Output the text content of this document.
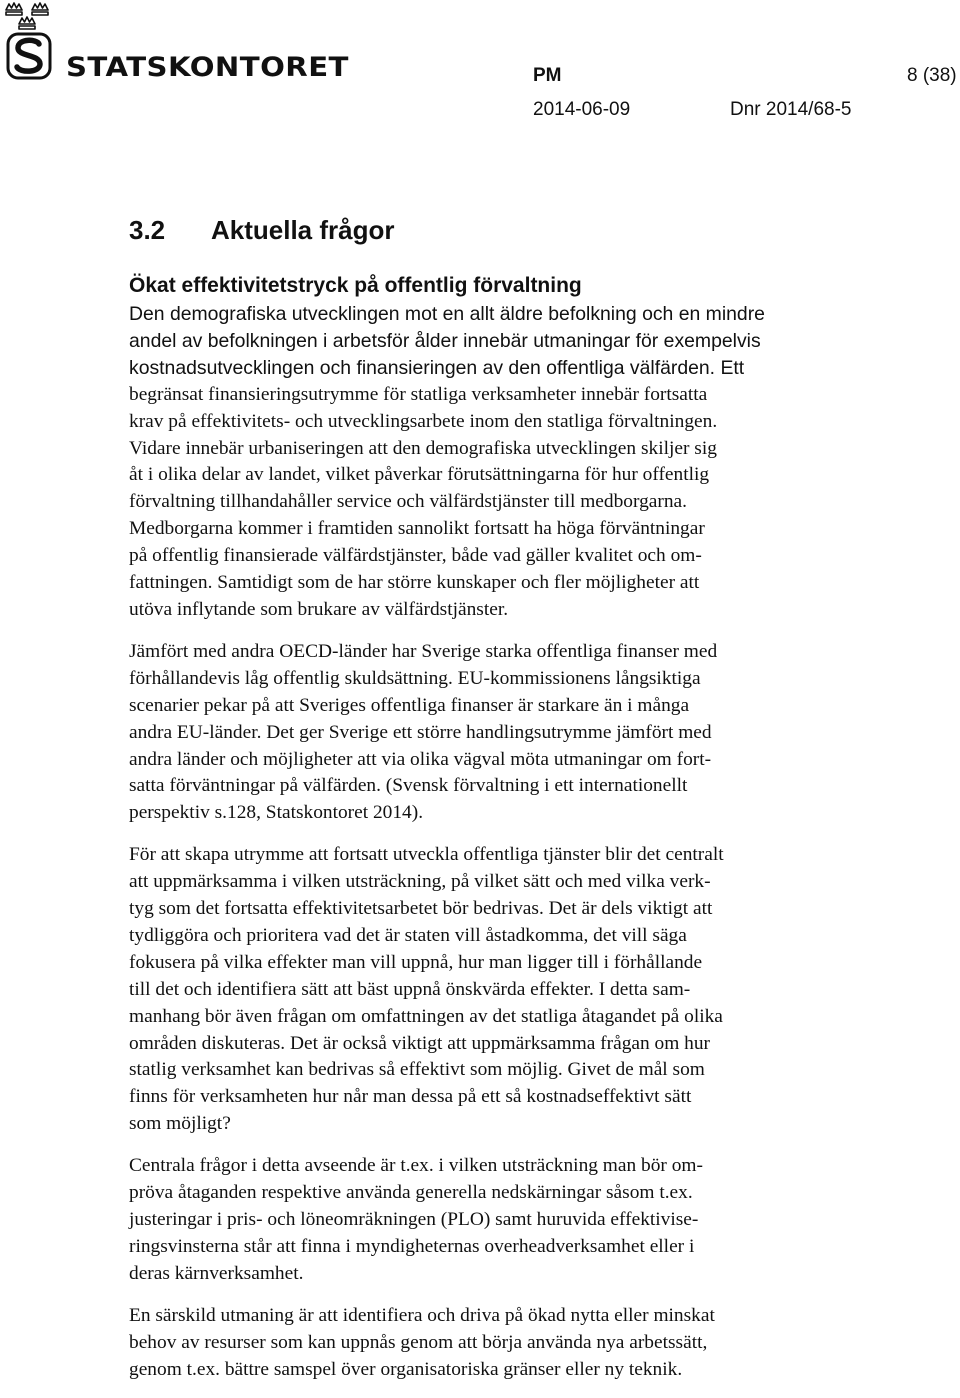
STATSKONTORET	PM	8 (38)
2014-06-09	Dnr 2014/68-5
3.2 Aktuella frågor
Ökat effektivitetstryck på offentlig förvaltning
Den demografiska utvecklingen mot en allt äldre befolkning och en mindre
andel av befolkningen i arbetsför ålder innebär utmaningar för exempelvis
kostnadsutvecklingen och finansieringen av den offentliga välfärden. Ett
begränsat finansieringsutrymme för statliga verksamheter innebär fortsatta
krav på effektivitets- och utvecklingsarbete inom den statliga förvaltningen.
Vidare innebär urbaniseringen att den demografiska utvecklingen skiljer sig
åt i olika delar av landet, vilket påverkar förutsättningarna för hur offentlig
förvaltning tillhandahåller service och välfärdstjänster till medborgarna.
Medborgarna kommer i framtiden sannolikt fortsatt ha höga förväntningar
på offentlig finansierade välfärdstjänster, både vad gäller kvalitet och om-
fattningen. Samtidigt som de har större kunskaper och fler möjligheter att
utöva inflytande som brukare av välfärdstjänster.
Jämfört med andra OECD-länder har Sverige starka offentliga finanser med
förhållandevis låg offentlig skuldsättning. EU-kommissionens långsiktiga
scenarier pekar på att Sveriges offentliga finanser är starkare än i många
andra EU-länder. Det ger Sverige ett större handlingsutrymme jämfört med
andra länder och möjligheter att via olika vägval möta utmaningar om fort-
satta förväntningar på välfärden. (Svensk förvaltning i ett internationellt
perspektiv s.128, Statskontoret 2014).
För att skapa utrymme att fortsatt utveckla offentliga tjänster blir det centralt
att uppmärksamma i vilken utsträckning, på vilket sätt och med vilka verk-
tyg som det fortsatta effektivitetsarbetet bör bedrivas. Det är dels viktigt att
tydliggöra och prioritera vad det är staten vill åstadkomma, det vill säga
fokusera på vilka effekter man vill uppnå, hur man ligger till i förhållande
till det och identifiera sätt att bäst uppnå önskvärda effekter. I detta sam-
manhang bör även frågan om omfattningen av det statliga åtagandet på olika
områden diskuteras. Det är också viktigt att uppmärksamma frågan om hur
statlig verksamhet kan bedrivas så effektivt som möjlig. Givet de mål som
finns för verksamheten hur når man dessa på ett så kostnadseffektivt sätt
som möjligt?
Centrala frågor i detta avseende är t.ex. i vilken utsträckning man bör om-
pröva åtaganden respektive använda generella nedskärningar såsom t.ex.
justeringar i pris- och löneomräkningen (PLO) samt huruvida effektivise-
ringsvinsterna står att finna i myndigheternas overheadverksamhet eller i
deras kärnverksamhet.
En särskild utmaning är att identifiera och driva på ökad nytta eller minskat
behov av resurser som kan uppnås genom att börja använda nya arbetssätt,
genom t.ex. bättre samspel över organisatoriska gränser eller ny teknik.
